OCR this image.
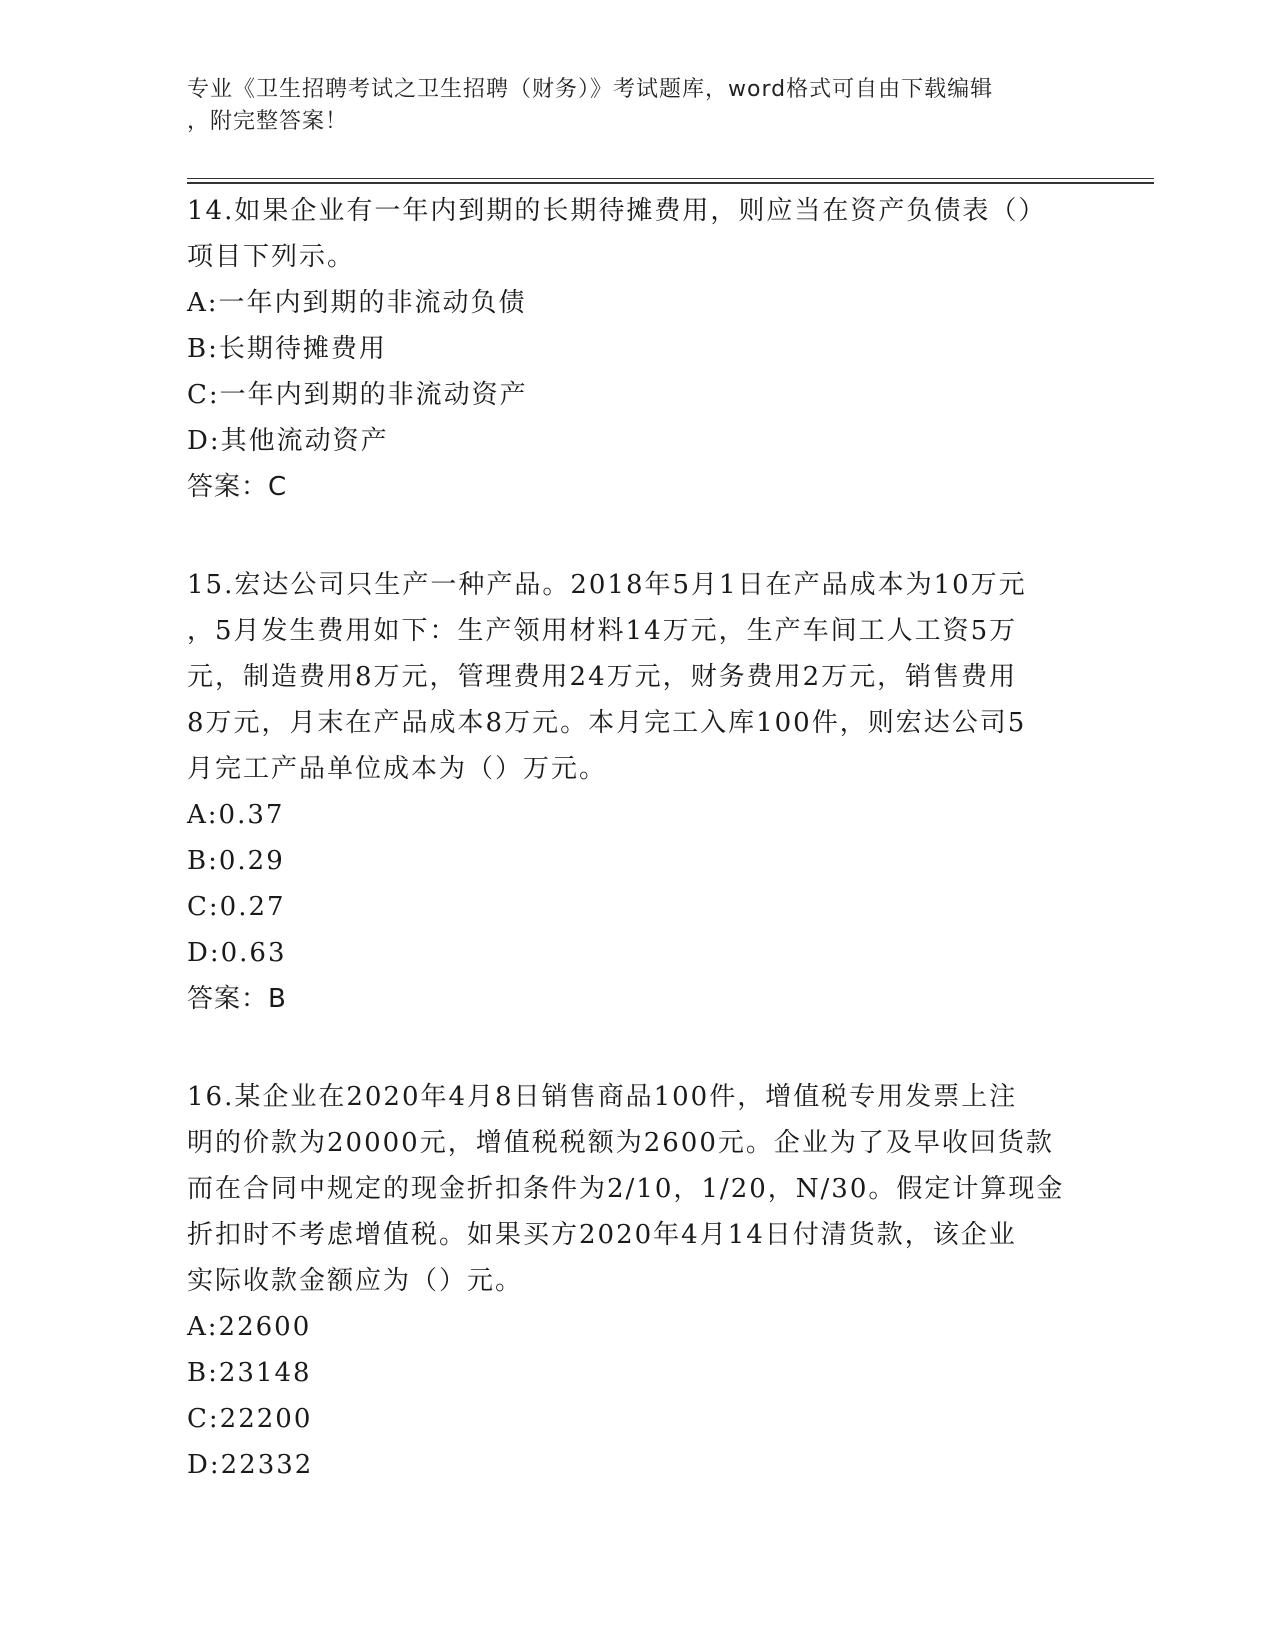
专业《卫生招聘考试之卫生招聘（财务）》考试题库，word格式可自由下载编辑
，附完整答案！

14.如果企业有一年内到期的长期待摊费用，则应当在资产负债表（）

项目下列示。

A:一年内到期的非流动负债

B:长期待摊费用

C:一年内到期的非流动资产

D:其他流动资产

答案：C

15.宏达公司只生产一种产品。2018年5月1日在产品成本为10万元

，5月发生费用如下：生产领用材料14万元，生产车间工人工资5万

元，制造费用8万元，管理费用24万元，财务费用2万元，销售费用

8万元，月末在产品成本8万元。本月完工入库100件，则宏达公司5

月完工产品单位成本为（）万元。

A:0.37

B:0.29

C:0.27

D:0.63

答案：B

16.某企业在2020年4月8日销售商品100件，增值税专用发票上注

明的价款为20000元，增值税税额为2600元。企业为了及早收回货款

而在合同中规定的现金折扣条件为2/10，1/20，N/30。假定计算现金

折扣时不考虑增值税。如果买方2020年4月14日付清货款，该企业

实际收款金额应为（）元。

A:22600

B:23148

C:22200

D:22332
